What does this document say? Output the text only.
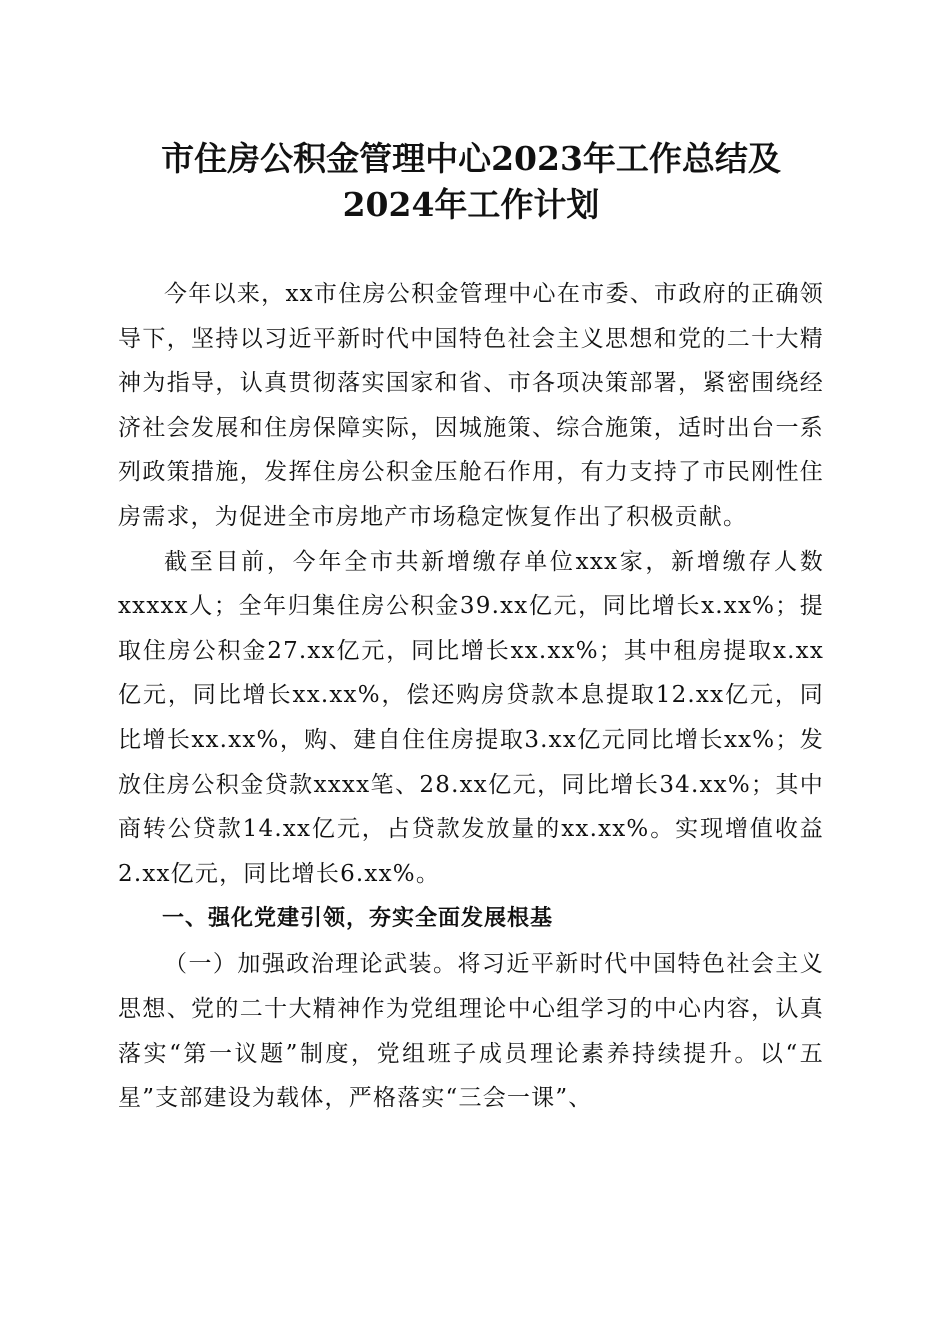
市住房公积金管理中心2023年工作总结及
2024年工作计划

今年以来，xx市住房公积金管理中心在市委、市政府的正确领导下，坚持以习近平新时代中国特色社会主义思想和党的二十大精神为指导，认真贯彻落实国家和省、市各项决策部署，紧密围绕经济社会发展和住房保障实际，因城施策、综合施策，适时出台一系列政策措施，发挥住房公积金压舱石作用，有力支持了市民刚性住房需求，为促进全市房地产市场稳定恢复作出了积极贡献。

截至目前，今年全市共新增缴存单位xxx家，新增缴存人数xxxxx人；全年归集住房公积金39.xx亿元，同比增长x.xx%；提取住房公积金27.xx亿元，同比增长xx.xx%；其中租房提取x.xx亿元，同比增长xx.xx%，偿还购房贷款本息提取12.xx亿元，同比增长xx.xx%，购、建自住住房提取3.xx亿元同比增长xx%；发放住房公积金贷款xxxx笔、28.xx亿元，同比增长34.xx%；其中商转公贷款14.xx亿元，占贷款发放量的xx.xx%。实现增值收益2.xx亿元，同比增长6.xx%。

一、强化党建引领，夯实全面发展根基

（一）加强政治理论武装。将习近平新时代中国特色社会主义思想、党的二十大精神作为党组理论中心组学习的中心内容，认真落实“第一议题”制度，党组班子成员理论素养持续提升。以“五星”支部建设为载体，严格落实“三会一课”、
